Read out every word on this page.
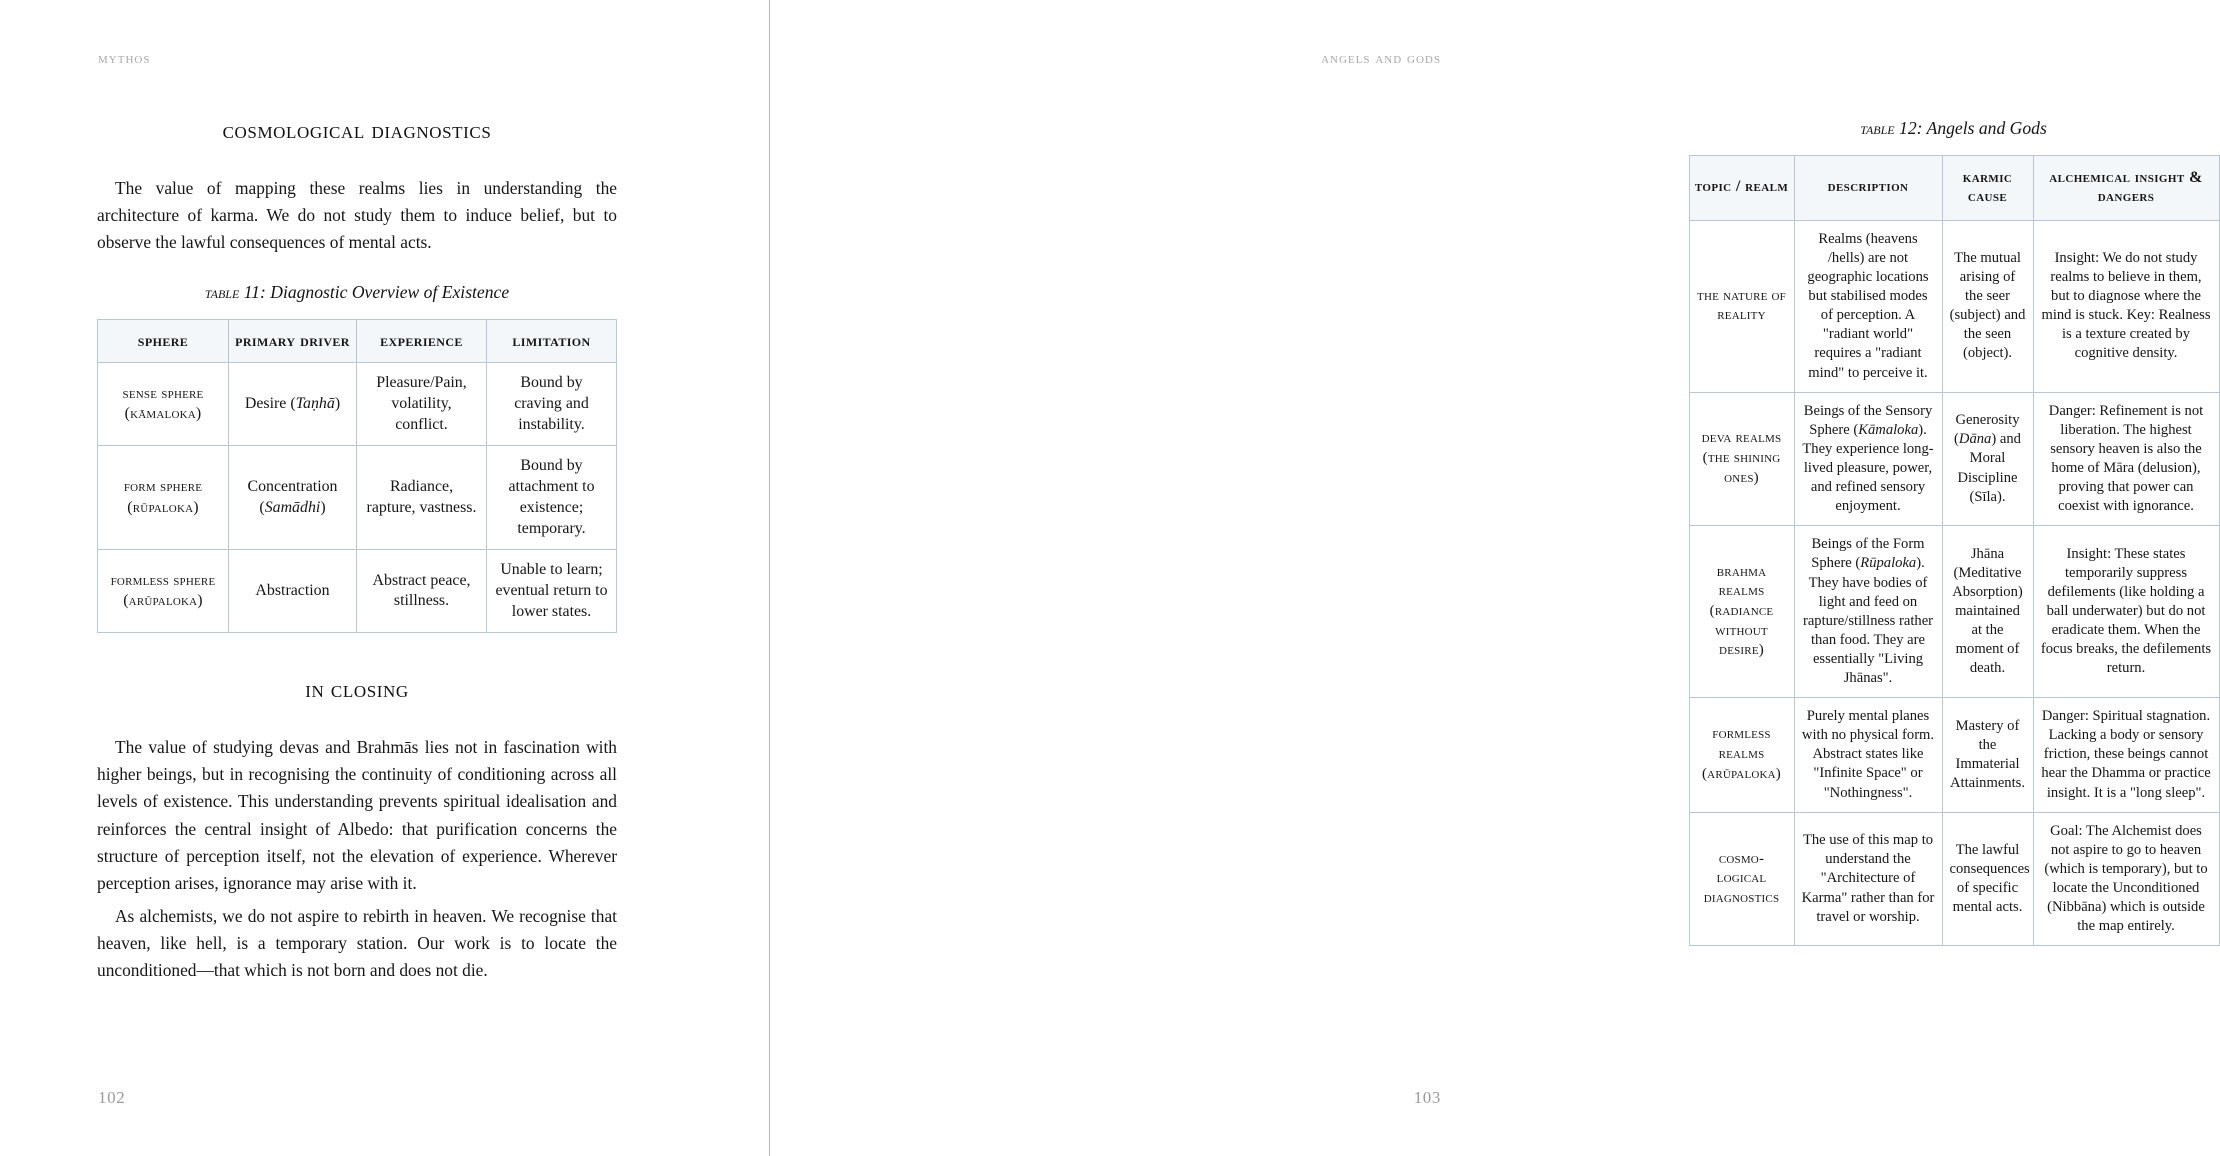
mythos
cosmological diagnostics

The value of mapping these realms lies in understanding the architecture of karma. We do not study them to induce belief, but to observe the lawful consequences of mental acts.

table 11: Diagnostic Overview of Existence
sphere	primary driver	experience	limitation
sense sphere (kāmaloka)	Desire (Taṇhā)	Pleasure/Pain, volatility, conflict.	Bound by craving and instability.
form sphere (rūpaloka)	Concentration (Samādhi)	Radiance, rapture, vastness.	Bound by attachment to existence; temporary.
formless sphere (arūpaloka)	Abstraction	Abstract peace, stillness.	Unable to learn; eventual return to lower states.
in closing

The value of studying devas and Brahmās lies not in fascination with higher beings, but in recognising the continuity of conditioning across all levels of existence. This understanding prevents spiritual idealisation and reinforces the central insight of Albedo: that purification concerns the structure of perception itself, not the elevation of experience. Wherever perception arises, ignorance may arise with it.

As alchemists, we do not aspire to rebirth in heaven. We recognise that heaven, like hell, is a temporary station. Our work is to locate the unconditioned—that which is not born and does not die.

102
angels and gods
table 12: Angels and Gods
topic / realm	description	karmic cause	alchemical insight & dangers
the nature of reality	Realms (heavens /hells) are not geographic locations but stabilised modes of perception. A "radiant world" requires a "radiant mind" to perceive it.	The mutual arising of the seer (subject) and the seen (object).	Insight: We do not study realms to believe in them, but to diagnose where the mind is stuck. Key: Realness is a texture created by cognitive density.
deva realms (the shining ones)	Beings of the Sensory Sphere (Kāmaloka). They experience long-lived pleasure, power, and refined sensory enjoyment.	Generosity (Dāna) and Moral Discipline (Sīla).	Danger: Refinement is not liberation. The highest sensory heaven is also the home of Māra (delusion), proving that power can coexist with ignorance.
brahma realms (radiance without desire)	Beings of the Form Sphere (Rūpaloka). They have bodies of light and feed on rapture/stillness rather than food. They are essentially "Living Jhānas".	Jhāna (Meditative Absorption) maintained at the moment of death.	Insight: These states temporarily suppress defilements (like holding a ball underwater) but do not eradicate them. When the focus breaks, the defilements return.
formless realms (arūpaloka)	Purely mental planes with no physical form. Abstract states like "Infinite Space" or "Nothingness".	Mastery of the Immaterial Attainments.	Danger: Spiritual stagnation. Lacking a body or sensory friction, these beings cannot hear the Dhamma or practice insight. It is a "long sleep".
cosmo-logical diagnostics	The use of this map to understand the "Architecture of Karma" rather than for travel or worship.	The lawful consequences of specific mental acts.	Goal: The Alchemist does not aspire to go to heaven (which is temporary), but to locate the Unconditioned (Nibbāna) which is outside the map entirely.
103
